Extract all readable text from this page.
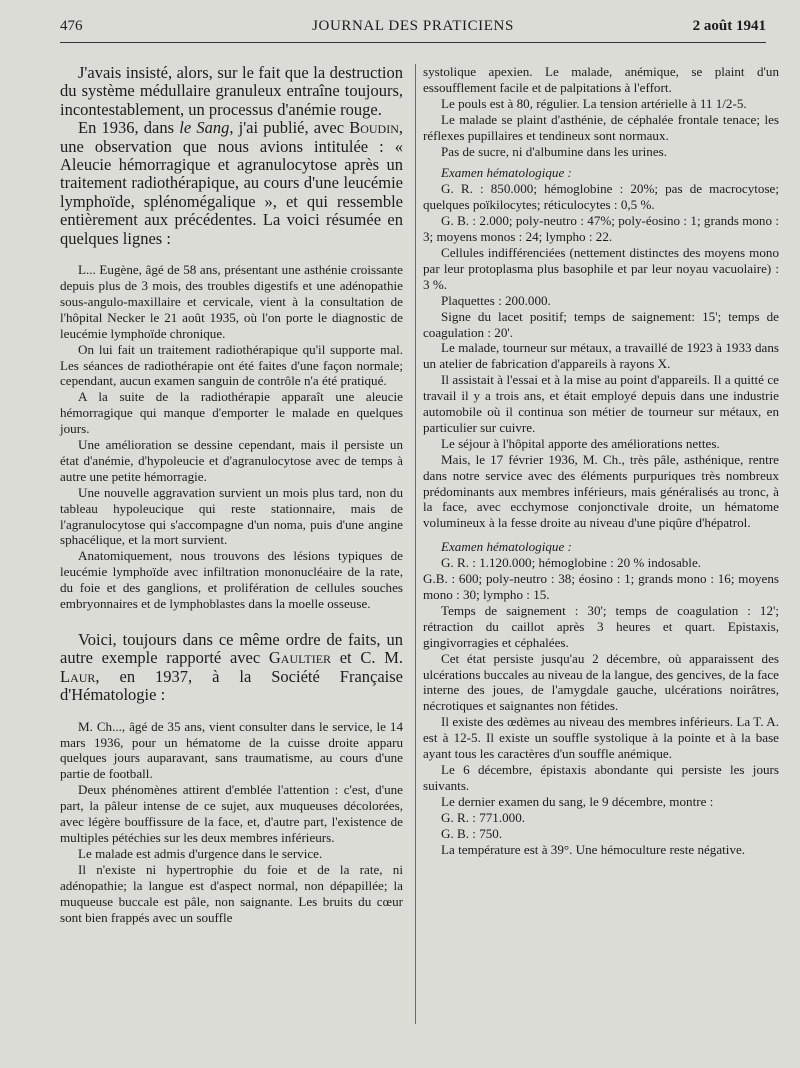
476	JOURNAL DES PRATICIENS	2 août 1941

J'avais insisté, alors, sur le fait que la destruction du système médullaire granuleux entraîne toujours, incontestablement, un processus d'anémie rouge.

En 1936, dans le Sang, j'ai publié, avec Boudin, une observation que nous avions intitulée : « Aleucie hémorragique et agranulocytose après un traitement radiothérapique, au cours d'une leucémie lymphoïde, splénomégalique », et qui ressemble entièrement aux précédentes. La voici résumée en quelques lignes :

L... Eugène, âgé de 58 ans, présentant une asthénie croissante depuis plus de 3 mois, des troubles digestifs et une adénopathie sous-angulo-maxillaire et cervicale, vient à la consultation de l'hôpital Necker le 21 août 1935, où l'on porte le diagnostic de leucémie lymphoïde chronique.

On lui fait un traitement radiothérapique qu'il supporte mal. Les séances de radiothérapie ont été faites d'une façon normale; cependant, aucun examen sanguin de contrôle n'a été pratiqué.

A la suite de la radiothérapie apparaît une aleucie hémorragique qui manque d'emporter le malade en quelques jours.

Une amélioration se dessine cependant, mais il persiste un état d'anémie, d'hypoleucie et d'agranulocytose avec de temps à autre une petite hémorragie.

Une nouvelle aggravation survient un mois plus tard, non du tableau hypoleucique qui reste stationnaire, mais de l'agranulocytose qui s'accompagne d'un noma, puis d'une angine sphacélique, et la mort survient.

Anatomiquement, nous trouvons des lésions typiques de leucémie lymphoïde avec infiltration mononucléaire de la rate, du foie et des ganglions, et prolifération de cellules souches embryonnaires et de lymphoblastes dans la moelle osseuse.

Voici, toujours dans ce même ordre de faits, un autre exemple rapporté avec Gaultier et C. M. Laur, en 1937, à la Société Française d'Hématologie :

M. Ch..., âgé de 35 ans, vient consulter dans le service, le 14 mars 1936, pour un hématome de la cuisse droite apparu quelques jours auparavant, sans traumatisme, au cours d'une partie de football.

Deux phénomènes attirent d'emblée l'attention : c'est, d'une part, la pâleur intense de ce sujet, aux muqueuses décolorées, avec légère bouffissure de la face, et, d'autre part, l'existence de multiples pétéchies sur les deux membres inférieurs.

Le malade est admis d'urgence dans le service.

Il n'existe ni hypertrophie du foie et de la rate, ni adénopathie; la langue est d'aspect normal, non dépapillée; la muqueuse buccale est pâle, non saignante. Les bruits du cœur sont bien frappés avec un souffle

systolique apexien. Le malade, anémique, se plaint d'un essoufflement facile et de palpitations à l'effort.

Le pouls est à 80, régulier. La tension artérielle à 11 1/2-5.

Le malade se plaint d'asthénie, de céphalée frontale tenace; les réflexes pupillaires et tendineux sont normaux.

Pas de sucre, ni d'albumine dans les urines.

Examen hématologique :

G. R. : 850.000; hémoglobine : 20%; pas de macrocytose; quelques poïkilocytes; réticulocytes : 0,5 %.

G. B. : 2.000; poly-neutro : 47%; poly-éosino : 1; grands mono : 3; moyens monos : 24; lympho : 22.

Cellules indifférenciées (nettement distinctes des moyens mono par leur protoplasma plus basophile et par leur noyau vacuolaire) : 3 %.

Plaquettes : 200.000.

Signe du lacet positif; temps de saignement: 15'; temps de coagulation : 20'.

Le malade, tourneur sur métaux, a travaillé de 1923 à 1933 dans un atelier de fabrication d'appareils à rayons X.

Il assistait à l'essai et à la mise au point d'appareils. Il a quitté ce travail il y a trois ans, et était employé depuis dans une industrie automobile où il continua son métier de tourneur sur métaux, en particulier sur cuivre.

Le séjour à l'hôpital apporte des améliorations nettes.

Mais, le 17 février 1936, M. Ch., très pâle, asthénique, rentre dans notre service avec des éléments purpuriques très nombreux prédominants aux membres inférieurs, mais généralisés au tronc, à la face, avec ecchymose conjonctivale droite, un hématome volumineux à la fesse droite au niveau d'une piqûre d'hépatrol.

Examen hématologique :

G. R. : 1.120.000; hémoglobine : 20 % indosable.

G.B. : 600; poly-neutro : 38; éosino : 1; grands mono : 16; moyens mono : 30; lympho : 15.

Temps de saignement : 30'; temps de coagulation : 12'; rétraction du caillot après 3 heures et quart. Epistaxis, gingivorragies et céphalées.

Cet état persiste jusqu'au 2 décembre, où apparaissent des ulcérations buccales au niveau de la langue, des gencives, de la face interne des joues, de l'amygdale gauche, ulcérations noirâtres, nécrotiques et saignantes non fétides.

Il existe des œdèmes au niveau des membres inférieurs. La T. A. est à 12-5. Il existe un souffle systolique à la pointe et à la base ayant tous les caractères d'un souffle anémique.

Le 6 décembre, épistaxis abondante qui persiste les jours suivants.

Le dernier examen du sang, le 9 décembre, montre :

G. R. : 771.000.

G. B. : 750.

La température est à 39°. Une hémoculture reste négative.
